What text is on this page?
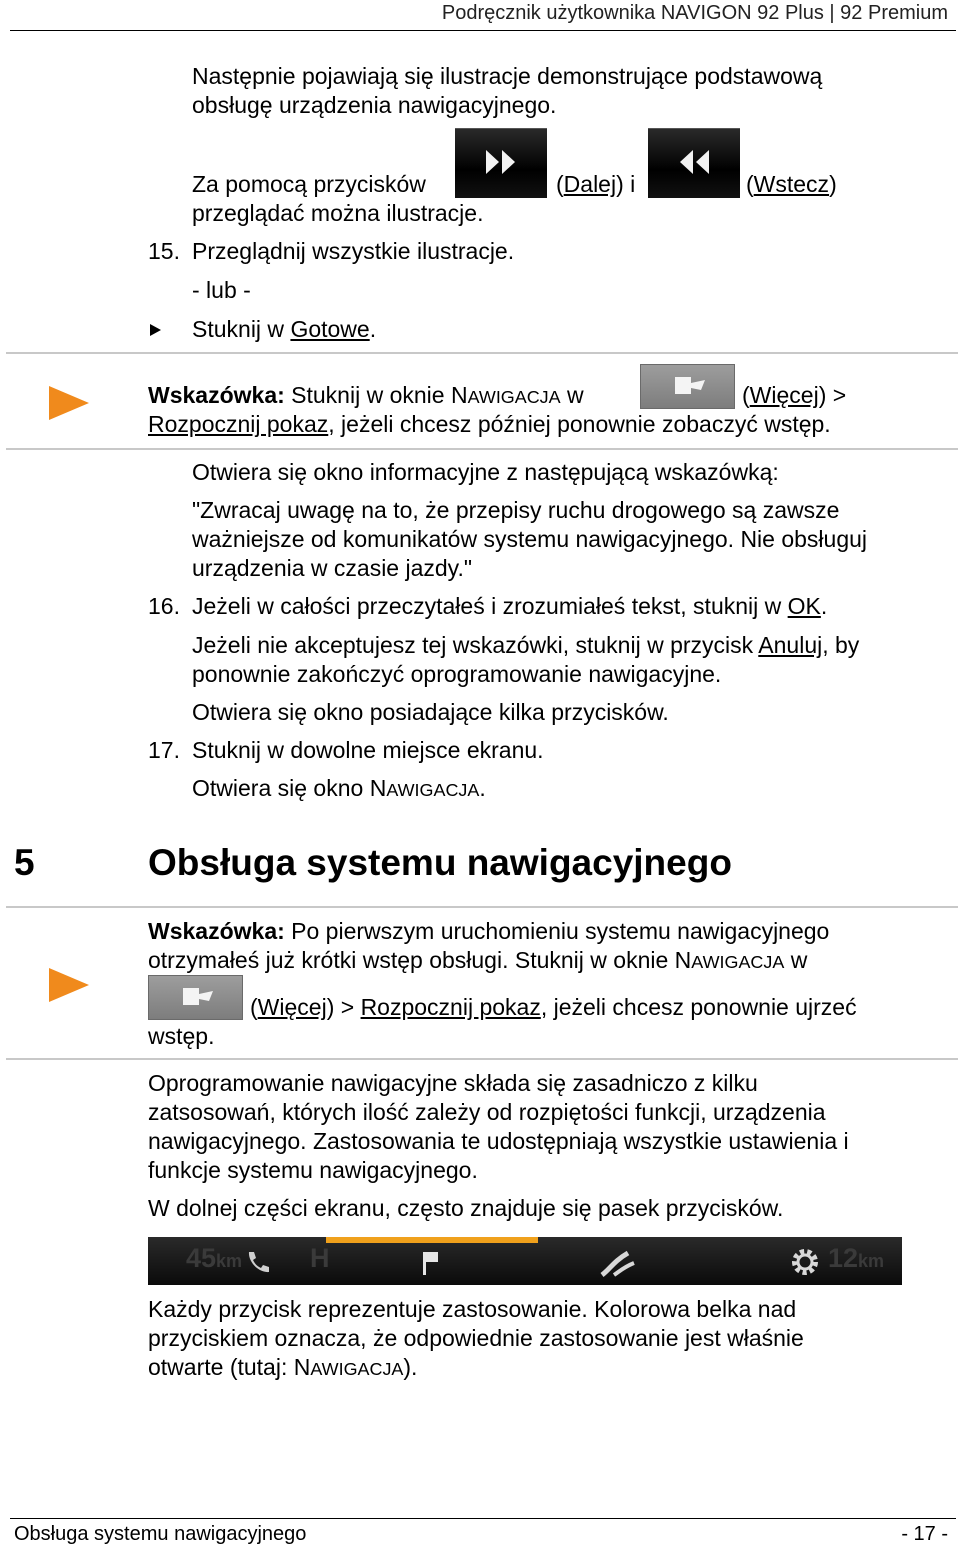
Podręcznik użytkownika NAVIGON 92 Plus | 92 Premium
Następnie pojawiają się ilustracje demonstrujące podstawową
obsługę urządzenia nawigacyjnego.
Za pomocą przycisków	(Dalej) i	(Wstecz)
przeglądać można ilustracje.
15. Przeglądnij wszystkie ilustracje.
- lub -
Stuknij w Gotowe.
Wskazówka: Stuknij w oknie NAWIGACJA w	(Więcej) >
Rozpocznij pokaz, jeżeli chcesz później ponownie zobaczyć wstęp.
Otwiera się okno informacyjne z następującą wskazówką:
"Zwracaj uwagę na to, że przepisy ruchu drogowego są zawsze
ważniejsze od komunikatów systemu nawigacyjnego. Nie obsługuj
urządzenia w czasie jazdy."
16. Jeżeli w całości przeczytałeś i zrozumiałeś tekst, stuknij w OK.
Jeżeli nie akceptujesz tej wskazówki, stuknij w przycisk Anuluj, by
ponownie zakończyć oprogramowanie nawigacyjne.
Otwiera się okno posiadające kilka przycisków.
17. Stuknij w dowolne miejsce ekranu.
Otwiera się okno NAWIGACJA.
5	Obsługa systemu nawigacyjnego
Wskazówka: Po pierwszym uruchomieniu systemu nawigacyjnego
otrzymałeś już krótki wstęp obsługi. Stuknij w oknie NAWIGACJA w
(Więcej) > Rozpocznij pokaz, jeżeli chcesz ponownie ujrzeć
wstęp.
Oprogramowanie nawigacyjne składa się zasadniczo z kilku
zatsosowań, których ilość zależy od rozpiętości funkcji, urządzenia
nawigacyjnego. Zastosowania te udostępniają wszystkie ustawienia i
funkcje systemu nawigacyjnego.
W dolnej części ekranu, często znajduje się pasek przycisków.
45km	H	12km
Każdy przycisk reprezentuje zastosowanie. Kolorowa belka nad
przyciskiem oznacza, że odpowiednie zastosowanie jest właśnie
otwarte (tutaj: NAWIGACJA).
Obsługa systemu nawigacyjnego	- 17 -
